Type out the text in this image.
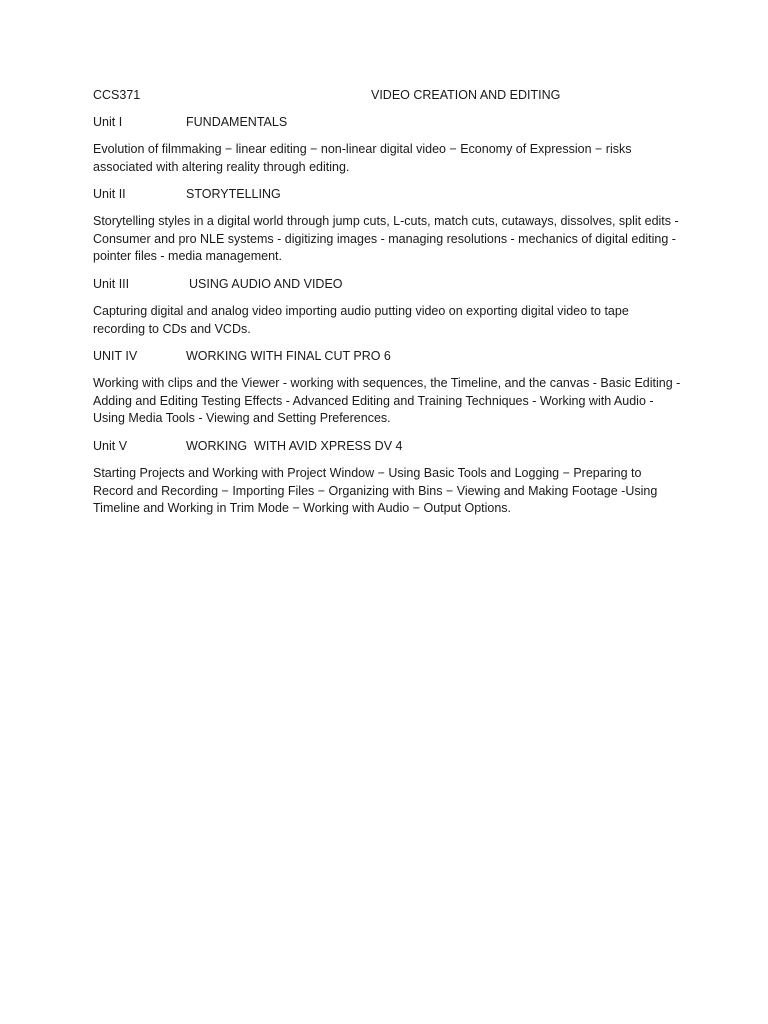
CCS371	VIDEO CREATION AND EDITING
Unit I	FUNDAMENTALS

Evolution of filmmaking − linear editing − non-linear digital video − Economy of Expression − risks associated with altering reality through editing.

Unit II	STORYTELLING

Storytelling styles in a digital world through jump cuts, L-cuts, match cuts, cutaways, dissolves, split edits - Consumer and pro NLE systems - digitizing images - managing resolutions - mechanics of digital editing - pointer files - media management.

Unit III	USING AUDIO AND VIDEO

Capturing digital and analog video importing audio putting video on exporting digital video to tape recording to CDs and VCDs.

UNIT IV	WORKING WITH FINAL CUT PRO 6

Working with clips and the Viewer - working with sequences, the Timeline, and the canvas - Basic Editing - Adding and Editing Testing Effects - Advanced Editing and Training Techniques - Working with Audio - Using Media Tools - Viewing and Setting Preferences.

Unit V	WORKING  WITH AVID XPRESS DV 4

Starting Projects and Working with Project Window − Using Basic Tools and Logging − Preparing to Record and Recording − Importing Files − Organizing with Bins − Viewing and Making Footage -Using Timeline and Working in Trim Mode − Working with Audio − Output Options.
